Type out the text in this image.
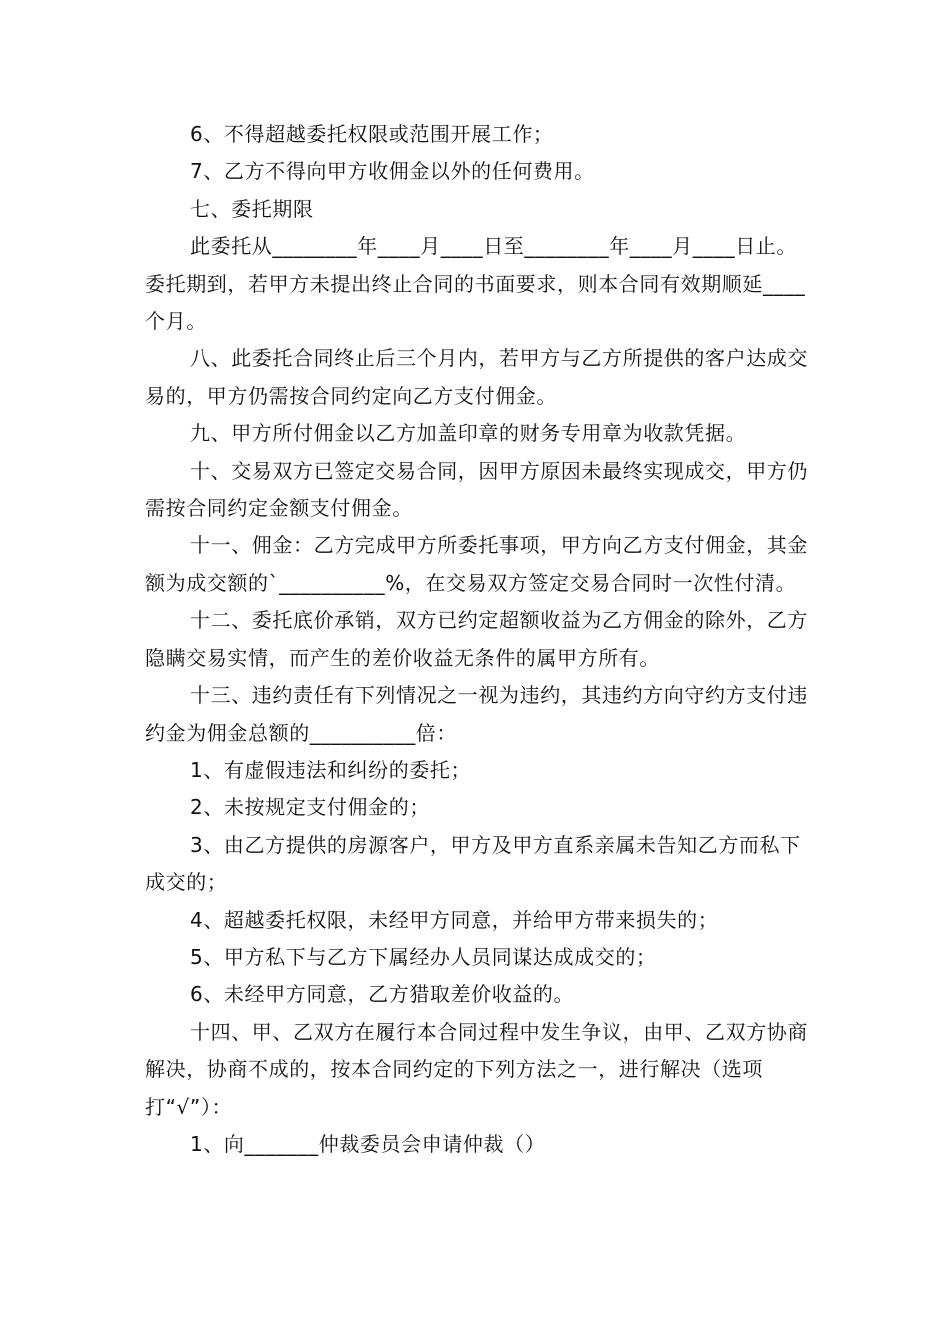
6、不得超越委托权限或范围开展工作；

7、乙方不得向甲方收佣金以外的任何费用。

七、委托期限

此委托从________年____月____日至________年____月____日止。委托期到，若甲方未提出终止合同的书面要求，则本合同有效期顺延____个月。

八、此委托合同终止后三个月内，若甲方与乙方所提供的客户达成交易的，甲方仍需按合同约定向乙方支付佣金。

九、甲方所付佣金以乙方加盖印章的财务专用章为收款凭据。

十、交易双方已签定交易合同，因甲方原因未最终实现成交，甲方仍需按合同约定金额支付佣金。

十一、佣金：乙方完成甲方所委托事项，甲方向乙方支付佣金，其金额为成交额的`__________%，在交易双方签定交易合同时一次性付清。

十二、委托底价承销，双方已约定超额收益为乙方佣金的除外，乙方隐瞒交易实情，而产生的差价收益无条件的属甲方所有。

十三、违约责任有下列情况之一视为违约，其违约方向守约方支付违约金为佣金总额的__________倍：

1、有虚假违法和纠纷的委托；

2、未按规定支付佣金的；

3、由乙方提供的房源客户，甲方及甲方直系亲属未告知乙方而私下成交的；

4、超越委托权限，未经甲方同意，并给甲方带来损失的；

5、甲方私下与乙方下属经办人员同谋达成成交的；

6、未经甲方同意，乙方猎取差价收益的。

十四、甲、乙双方在履行本合同过程中发生争议，由甲、乙双方协商解决，协商不成的，按本合同约定的下列方法之一，进行解决（选项打“√”）：

1、向_______仲裁委员会申请仲裁（）
